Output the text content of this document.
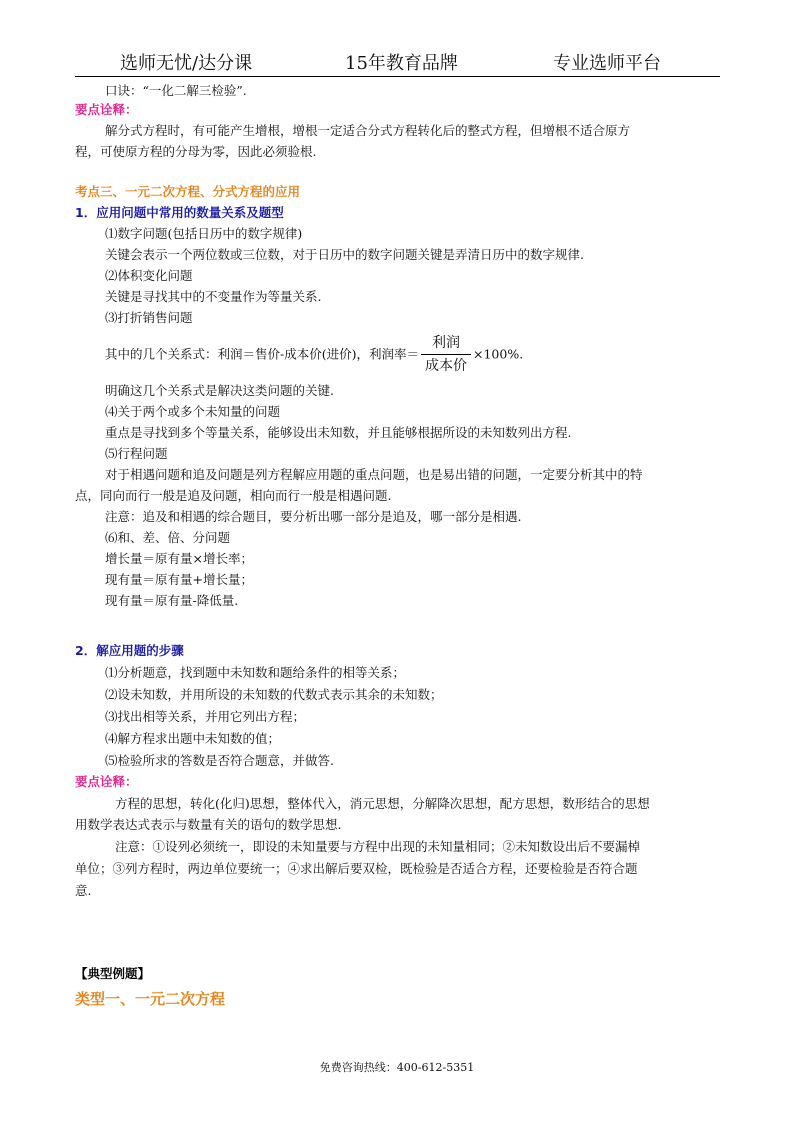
选师无忧/达分课	15年教育品牌	专业选师平台
口诀：“一化二解三检验”.
要点诠释：
解分式方程时，有可能产生增根，增根一定适合分式方程转化后的整式方程，但增根不适合原方
程，可使原方程的分母为零，因此必须验根.
考点三、一元二次方程、分式方程的应用
1．应用问题中常用的数量关系及题型
⑴数字问题(包括日历中的数字规律)
关键会表示一个两位数或三位数，对于日历中的数字问题关键是弄清日历中的数字规律.
⑵体积变化问题
关键是寻找其中的不变量作为等量关系.
⑶打折销售问题
其中的几个关系式：利润＝售价-成本价(进价)，利润率＝ $\frac{\text{利润}}{\text{成本价}} \times 100\%$.
明确这几个关系式是解决这类问题的关键.
⑷关于两个或多个未知量的问题
重点是寻找到多个等量关系，能够设出未知数，并且能够根据所设的未知数列出方程.
⑸行程问题
对于相遇问题和追及问题是列方程解应用题的重点问题，也是易出错的问题，一定要分析其中的特
点，同向而行一般是追及问题，相向而行一般是相遇问题.
注意：追及和相遇的综合题目，要分析出哪一部分是追及，哪一部分是相遇.
⑹和、差、倍、分问题
增长量＝原有量×增长率；
现有量＝原有量+增长量；
现有量＝原有量-降低量.
2．解应用题的步骤
⑴分析题意，找到题中未知数和题给条件的相等关系；
⑵设未知数，并用所设的未知数的代数式表示其余的未知数；
⑶找出相等关系，并用它列出方程；
⑷解方程求出题中未知数的值；
⑸检验所求的答数是否符合题意，并做答.
要点诠释：
方程的思想，转化(化归)思想，整体代入，消元思想，分解降次思想，配方思想，数形结合的思想
用数学表达式表示与数量有关的语句的数学思想.
注意：①设列必须统一，即设的未知量要与方程中出现的未知量相同；②未知数设出后不要漏棹
单位；③列方程时，两边单位要统一；④求出解后要双检，既检验是否适合方程，还要检验是否符合题
意.
【典型例题】
类型一、一元二次方程
免费咨询热线：400-612-5351
